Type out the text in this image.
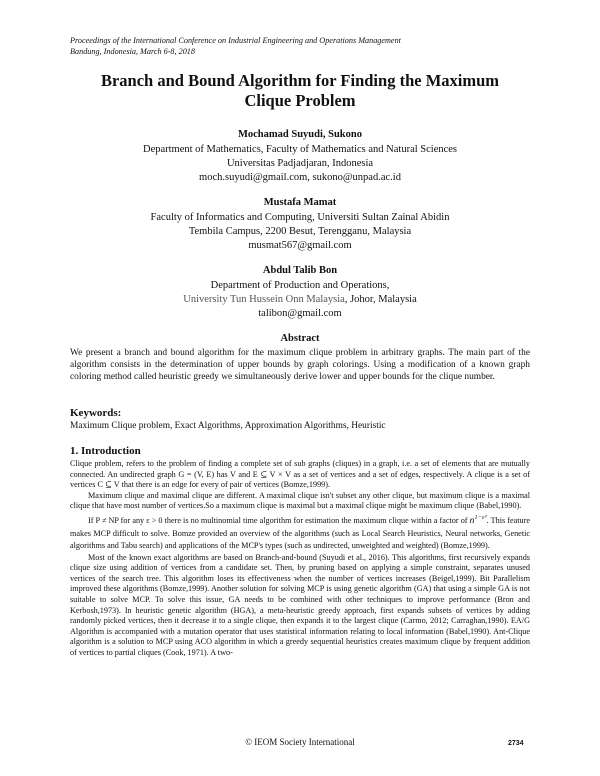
Proceedings of the International Conference on Industrial Engineering and Operations Management
Bandung, Indonesia, March 6-8, 2018
Branch and Bound Algorithm for Finding the Maximum
Clique Problem
Mochamad Suyudi, Sukono
Department of Mathematics, Faculty of Mathematics and Natural Sciences
Universitas Padjadjaran, Indonesia
moch.suyudi@gmail.com, sukono@unpad.ac.id
Mustafa Mamat
Faculty of Informatics and Computing, Universiti Sultan Zainal Abidin
Tembila Campus, 2200 Besut, Terengganu, Malaysia
musmat567@gmail.com
Abdul Talib Bon
Department of Production and Operations,
University Tun Hussein Onn Malaysia, Johor, Malaysia
talibon@gmail.com
Abstract
We present a branch and bound algorithm for the maximum clique problem in arbitrary graphs. The main part of the algorithm consists in the determination of upper bounds by graph colorings. Using a modification of a known graph coloring method called heuristic greedy we simultaneously derive lower and upper bounds for the clique number.
Keywords:
Maximum Clique problem, Exact Algorithms, Approximation Algorithms, Heuristic
1. Introduction

Clique problem, refers to the problem of finding a complete set of sub graphs (cliques) in a graph, i.e. a set of elements that are mutually connected. An undirected graph G = (V, E) has V and E ⊆ V × V as a set of vertices and a set of edges, respectively. A clique is a set of vertices C ⊆ V that there is an edge for every of pair of vertices (Bomze,1999).

Maximum clique and maximal clique are different. A maximal clique isn't subset any other clique, but maximum clique is a maximal clique that have most number of vertices.So a maximum clique is maximal but a maximal clique might be maximum clique (Babel,1990).

If P ≠ NP for any ε > 0 there is no multinomial time algorithm for estimation the maximum clique within a factor of $n^{1-\varepsilon^3}$. This feature makes MCP difficult to solve. Bomze provided an overview of the algorithms (such as Local Search Heuristics, Neural networks, Genetic algorithms and Tabu search) and applications of the MCP's types (such as undirected, unweighted and weighted) (Bomze,1999).

Most of the known exact algorithms are based on Branch-and-bound (Suyudi et al., 2016). This algorithms, first recursively expands clique size using addition of vertices from a candidate set. Then, by pruning based on applying a simple constraint, separates unused vertices of the search tree. This algorithm loses its effectiveness when the number of vertices increases (Beigel,1999). Bit Parallelism improved these algorithms (Bomze,1999). Another solution for solving MCP is using genetic algorithm (GA) that using a simple GA is not suitable to solve MCP. To solve this issue, GA needs to be combined with other techniques to improve performance (Bron and Kerbosh,1973). In heuristic genetic algorithm (HGA), a meta-heuristic greedy approach, first expands subsets of vertices by adding randomly picked vertices, then it decrease it to a single clique, then expands it to the largest clique (Carmo, 2012; Carraghan,1990). EA/G Algorithm is accompanied with a mutation operator that uses statistical information relating to local information (Babel,1990). Ant-Clique algorithm is a solution to MCP using ACO algorithm in which a greedy sequential heuristics creates maximum clique by frequent addition of vertices to partial cliques (Cook, 1971). A two-

© IEOM Society International	2734
